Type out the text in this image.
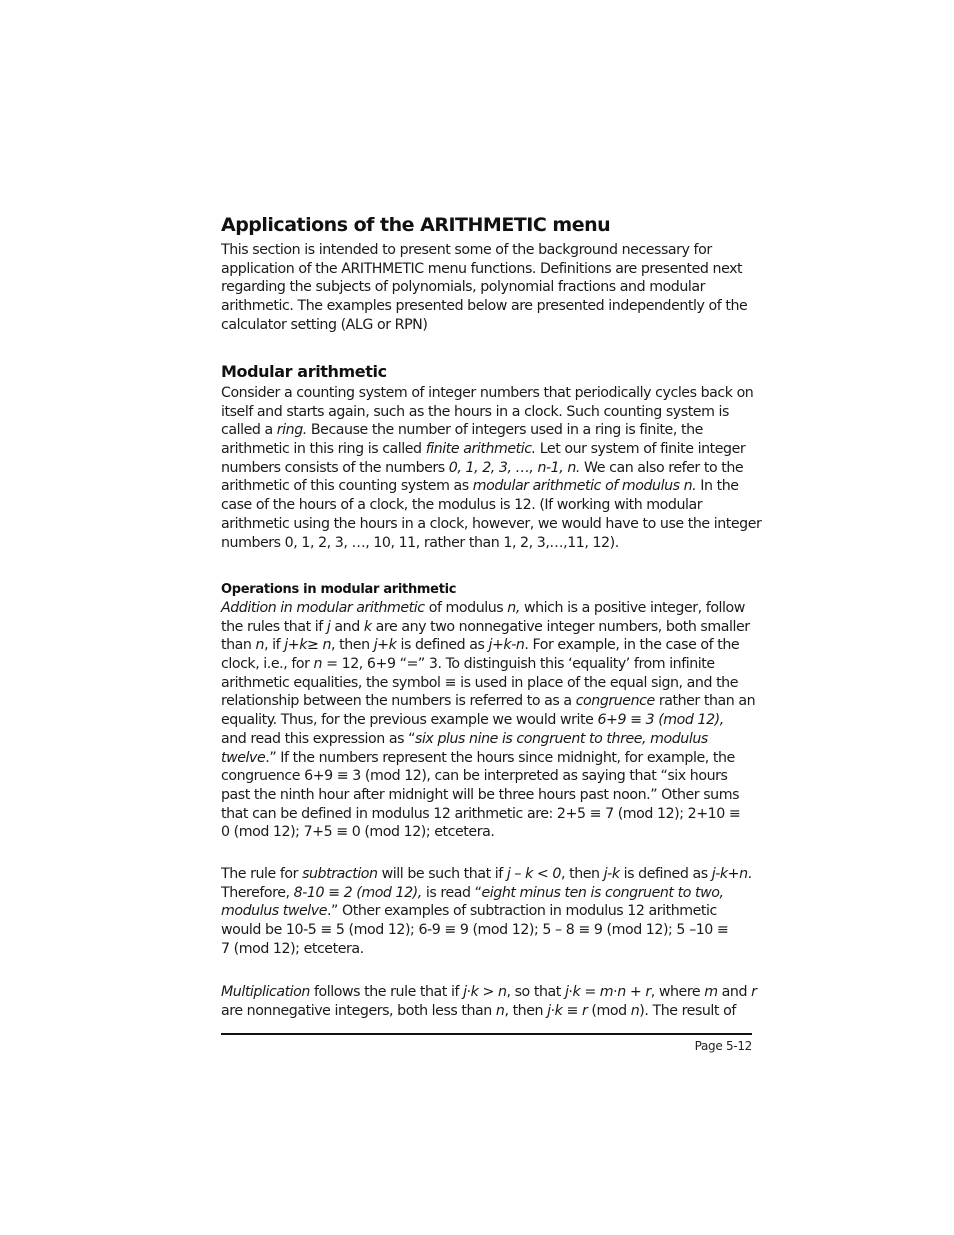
Applications of the ARITHMETIC menu
This section is intended to present some of the background necessary for
application of the ARITHMETIC menu functions. Definitions are presented next
regarding the subjects of polynomials, polynomial fractions and modular
arithmetic. The examples presented below are presented independently of the
calculator setting (ALG or RPN)
Modular arithmetic
Consider a counting system of integer numbers that periodically cycles back on
itself and starts again, such as the hours in a clock. Such counting system is
called a ring. Because the number of integers used in a ring is finite, the
arithmetic in this ring is called finite arithmetic. Let our system of finite integer
numbers consists of the numbers 0, 1, 2, 3, …, n-1, n. We can also refer to the
arithmetic of this counting system as modular arithmetic of modulus n. In the
case of the hours of a clock, the modulus is 12. (If working with modular
arithmetic using the hours in a clock, however, we would have to use the integer
numbers 0, 1, 2, 3, …, 10, 11, rather than 1, 2, 3,…,11, 12).
Operations in modular arithmetic
Addition in modular arithmetic of modulus n, which is a positive integer, follow
the rules that if j and k are any two nonnegative integer numbers, both smaller
than n, if j+k≥ n, then j+k is defined as j+k-n. For example, in the case of the
clock, i.e., for n = 12, 6+9 “=” 3. To distinguish this ‘equality’ from infinite
arithmetic equalities, the symbol ≡ is used in place of the equal sign, and the
relationship between the numbers is referred to as a congruence rather than an
equality. Thus, for the previous example we would write 6+9 ≡ 3 (mod 12),
and read this expression as “six plus nine is congruent to three, modulus
twelve.” If the numbers represent the hours since midnight, for example, the
congruence 6+9 ≡ 3 (mod 12), can be interpreted as saying that “six hours
past the ninth hour after midnight will be three hours past noon.” Other sums
that can be defined in modulus 12 arithmetic are: 2+5 ≡ 7 (mod 12); 2+10 ≡
0 (mod 12); 7+5 ≡ 0 (mod 12); etcetera.
The rule for subtraction will be such that if j – k < 0, then j-k is defined as j-k+n.
Therefore, 8-10 ≡ 2 (mod 12), is read “eight minus ten is congruent to two,
modulus twelve.” Other examples of subtraction in modulus 12 arithmetic
would be 10-5 ≡ 5 (mod 12); 6-9 ≡ 9 (mod 12); 5 – 8 ≡ 9 (mod 12); 5 –10 ≡
7 (mod 12); etcetera.
Multiplication follows the rule that if j⋅k > n, so that j⋅k = m⋅n + r, where m and r
are nonnegative integers, both less than n, then j⋅k ≡ r (mod n). The result of
Page 5-12
